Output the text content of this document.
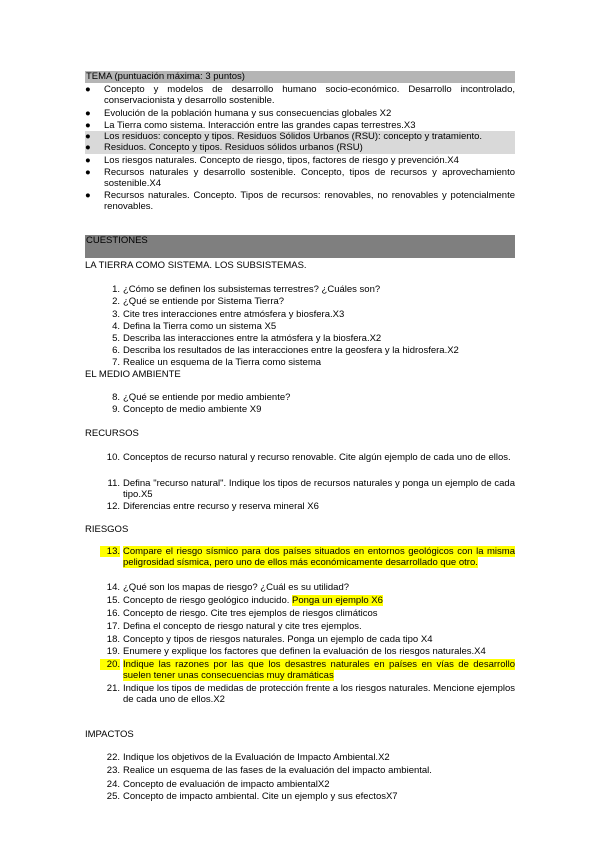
TEMA (puntuación máxima: 3 puntos)
●	Concepto y modelos de desarrollo humano socio-económico. Desarrollo incontrolado, conservacionista y desarrollo sostenible.
●	Evolución de la población humana y sus consecuencias globales X2
●	La Tierra como sistema. Interacción entre las grandes capas terrestres.X3
●	Los residuos: concepto y tipos. Residuos Sólidos Urbanos (RSU): concepto y tratamiento.
●	Residuos. Concepto y tipos. Residuos sólidos urbanos (RSU)
●	Los riesgos naturales. Concepto de riesgo, tipos, factores de riesgo y prevención.X4
●	Recursos naturales y desarrollo sostenible. Concepto, tipos de recursos y aprovechamiento sostenible.X4
●	Recursos naturales. Concepto. Tipos de recursos: renovables, no renovables y potencialmente renovables.
CUESTIONES
LA TIERRA COMO SISTEMA. LOS SUBSISTEMAS.
1. ¿Cómo se definen los subsistemas terrestres? ¿Cuáles son?
2. ¿Qué se entiende por Sistema Tierra?
3. Cite tres interacciones entre atmósfera y biosfera.X3
4. Defina la Tierra como un sistema X5
5. Describa las interacciones entre la atmósfera y la biosfera.X2
6. Describa los resultados de las interacciones entre la geosfera y la hidrosfera.X2
7. Realice un esquema de la Tierra como sistema
EL MEDIO AMBIENTE
8. ¿Qué se entiende por medio ambiente?
9. Concepto de medio ambiente X9
RECURSOS
10. Conceptos de recurso natural y recurso renovable. Cite algún ejemplo de cada uno de ellos.
11. Defina "recurso natural". Indique los tipos de recursos naturales y ponga un ejemplo de cada tipo.X5
12. Diferencias entre recurso y reserva mineral X6
RIESGOS
13. Compare el riesgo sísmico para dos países situados en entornos geológicos con la misma peligrosidad sísmica, pero uno de ellos más económicamente desarrollado que otro.
14. ¿Qué son los mapas de riesgo? ¿Cuál es su utilidad?
15. Concepto de riesgo geológico inducido. Ponga un ejemplo X6
16. Concepto de riesgo. Cite tres ejemplos de riesgos climáticos
17. Defina el concepto de riesgo natural y cite tres ejemplos.
18. Concepto y tipos de riesgos naturales. Ponga un ejemplo de cada tipo X4
19. Enumere y explique los factores que definen la evaluación de los riesgos naturales.X4
20. Indique las razones por las que los desastres naturales en países en vías de desarrollo suelen tener unas consecuencias muy dramáticas
21. Indique los tipos de medidas de protección frente a los riesgos naturales. Mencione ejemplos de cada uno de ellos.X2
IMPACTOS
22. Indique los objetivos de la Evaluación de Impacto Ambiental.X2
23. Realice un esquema de las fases de la evaluación del impacto ambiental.
24. Concepto de evaluación de impacto ambientalX2
25. Concepto de impacto ambiental. Cite un ejemplo y sus efectosX7
